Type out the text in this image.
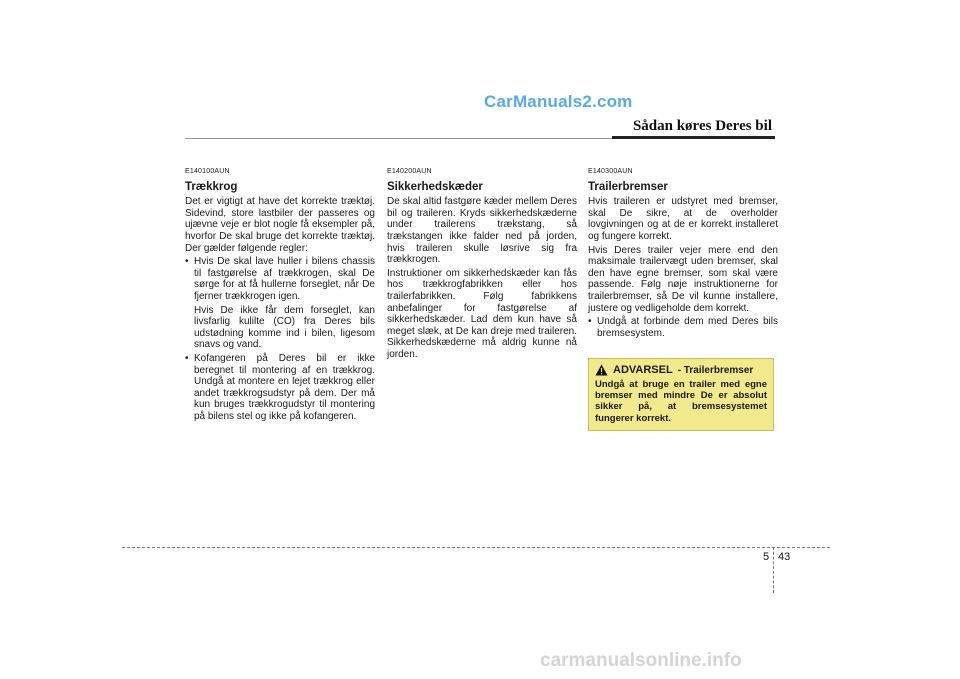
CarManuals2.com
Sådan køres Deres bil
E140100AUN
Trækkrog

Det er vigtigt at have det korrekte træktøj. Sidevind, store lastbiler der passeres og ujævne veje er blot nogle få eksempler på, hvorfor De skal bruge det korrekte træktøj. Der gælder følgende regler:

• Hvis De skal lave huller i bilens chassis til fastgørelse af trækkrogen, skal De sørge for at få hullerne forseglet, når De fjerner trækkrogen igen.

Hvis De ikke får dem forseglet, kan livsfarlig kulilte (CO) fra Deres bils udstødning komme ind i bilen, ligesom snavs og vand.

• Kofangeren på Deres bil er ikke beregnet til montering af en trækkrog. Undgå at montere en lejet trækkrog eller andet trækkrogsudstyr på dem. Der må kun bruges trækkrogudstyr til montering på bilens stel og ikke på kofangeren.

E140200AUN
Sikkerhedskæder

De skal altid fastgøre kæder mellem Deres bil og traileren. Kryds sikkerhedskæderne under trailerens trækstang, så trækstangen ikke falder ned på jorden, hvis traileren skulle løsrive sig fra trækkrogen.

Instruktioner om sikkerhedskæder kan fås hos trækkrogfabrikken eller hos trailerfabrikken. Følg fabrikkens anbefalinger for fastgørelse af sikkerhedskæder. Lad dem kun have så meget slæk, at De kan dreje med traileren. Sikkerhedskæderne må aldrig kunne nå jorden.

E140300AUN
Trailerbremser

Hvis traileren er udstyret med bremser, skal De sikre, at de overholder lovgivningen og at de er korrekt installeret og fungere korrekt.

Hvis Deres trailer vejer mere end den maksimale trailervægt uden bremser, skal den have egne bremser, som skal være passende. Følg nøje instruktionerne for trailerbremser, så De vil kunne installere, justere og vedligeholde dem korrekt.

• Undgå at forbinde dem med Deres bils bremsesystem.

ADVARSEL - Trailerbremser
Undgå at bruge en trailer med egne bremser med mindre De er absolut sikker på, at bremsesystemet fungerer korrekt.
5 43
carmanualsonline.info
